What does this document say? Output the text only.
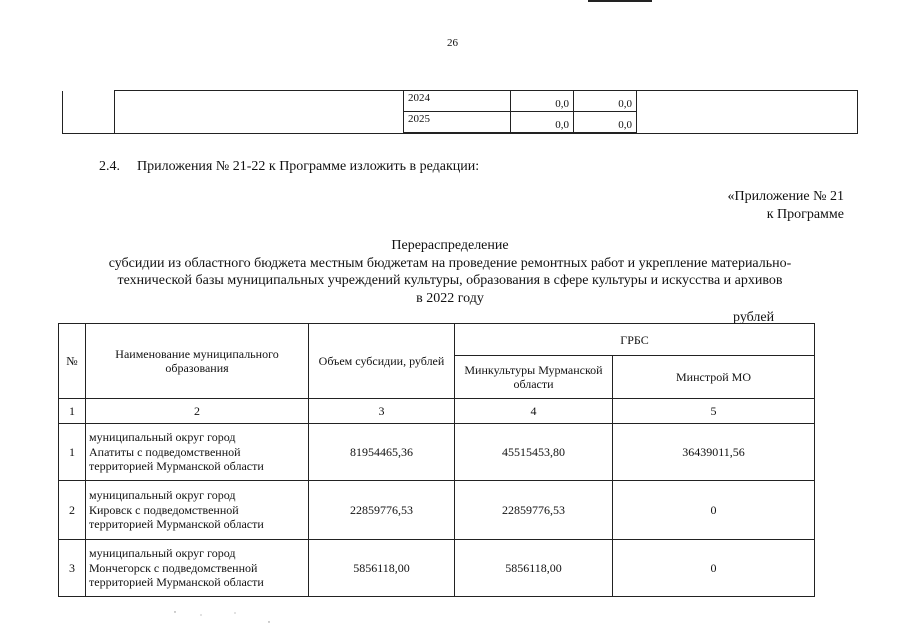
26
		2024	0,0	0,0	
		2025	0,0	0,0	
2.4. Приложения № 21-22 к Программе изложить в редакции:
«Приложение № 21
к Программе
Перераспределение
субсидии из областного бюджета местным бюджетам на проведение ремонтных работ и укрепление материально-
технической базы муниципальных учреждений культуры, образования в сфере культуры и искусства и архивов
в 2022 году
рублей
№	Наименование муниципального образования	Объем субсидии, рублей	ГРБС	
			Минкультуры Мурманской области	Минстрой МО
1	2	3	4	5
1	муниципальный округ город
Апатиты с подведомственной
территорией Мурманской области	81954465,36	45515453,80	36439011,56
2	муниципальный округ город
Кировск с подведомственной
территорией Мурманской области	22859776,53	22859776,53	0
3	муниципальный округ город
Мончегорск с подведомственной
территорией Мурманской области	5856118,00	5856118,00	0
